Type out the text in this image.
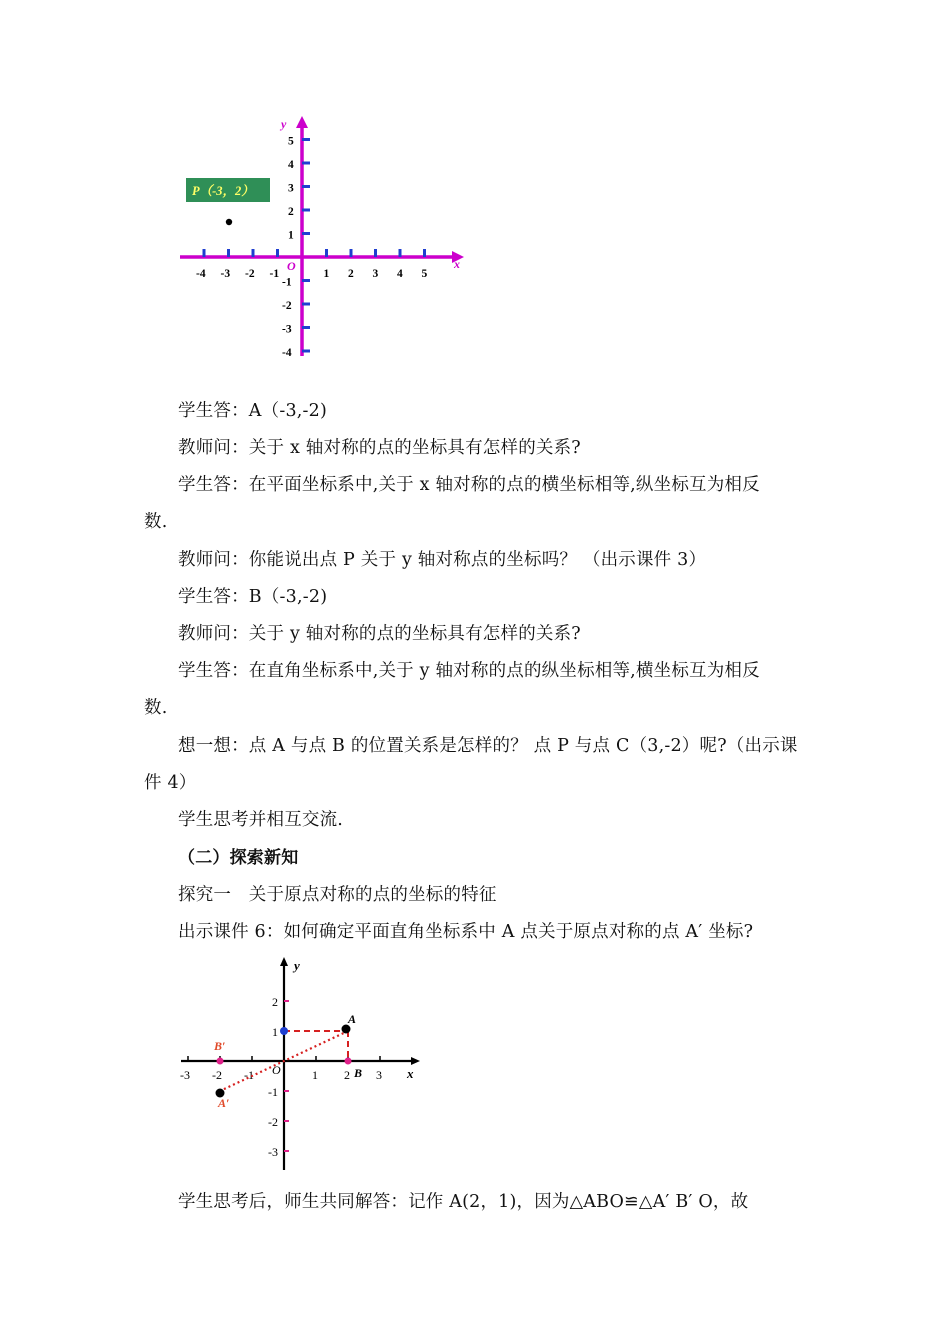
-4 -3 -2 -1	1 2 3 4 5
5
4
3
2
1
-1
-2
-3
-4
x
y
O
P（-3，2）
学生答：A（-3,-2)
教师问：关于 x 轴对称的点的坐标具有怎样的关系?
学生答：在平面坐标系中,关于 x 轴对称的点的横坐标相等,纵坐标互为相反
数.
教师问：你能说出点 P 关于 y 轴对称点的坐标吗？ （出示课件 3）
学生答：B（-3,-2)
教师问：关于 y 轴对称的点的坐标具有怎样的关系?
学生答：在直角坐标系中,关于 y 轴对称的点的纵坐标相等,横坐标互为相反
数.
想一想：点 A 与点 B 的位置关系是怎样的？ 点 P 与点 C（3,-2）呢?（出示课
件 4）
学生思考并相互交流.
（二）探索新知
探究一　关于原点对称的点的坐标的特征
出示课件 6：如何确定平面直角坐标系中 A 点关于原点对称的点 A′ 坐标?
学生思考后，师生共同解答：记作 A(2，1)，因为△ABO≌△A′ B′ O，故
-3 -2 -1	1 2 3
2
1
-1
-2
-3
x
y
O
A
B
A′
B′
